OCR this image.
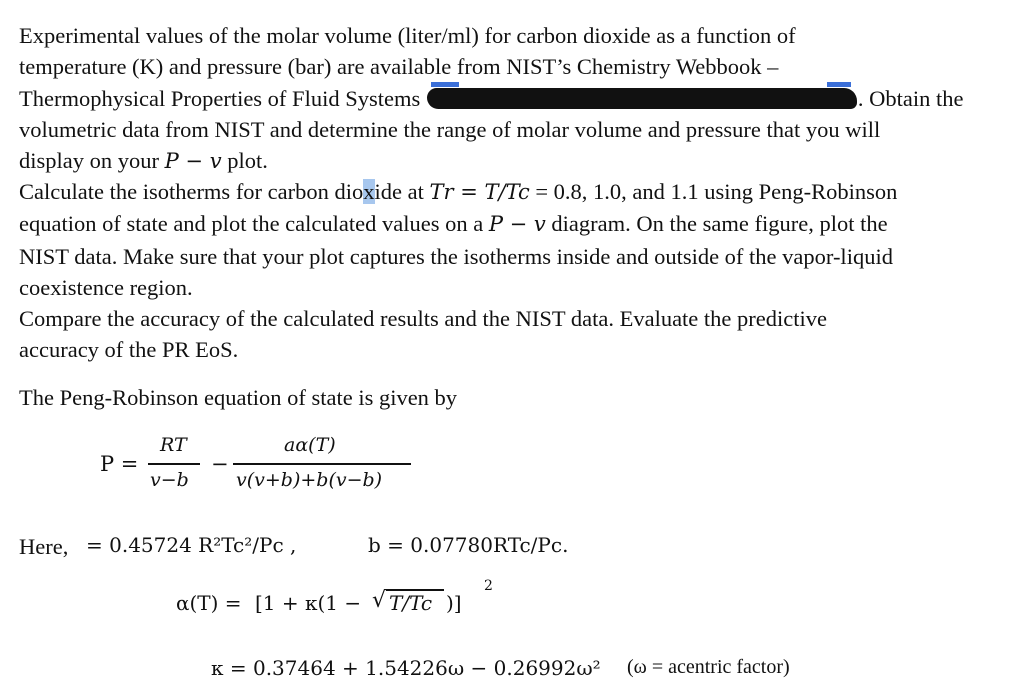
Experimental values of the molar volume (liter/ml) for carbon dioxide as a function of
temperature (K) and pressure (bar) are available from NIST’s Chemistry Webbook –
Thermophysical Properties of Fluid Systems	. Obtain the
volumetric data from NIST and determine the range of molar volume and pressure that you will
display on your P − v plot.
Calculate the isotherms for carbon dioxide at Tr = T/Tc = 0.8, 1.0, and 1.1 using Peng-Robinson
equation of state and plot the calculated values on a P − v diagram. On the same figure, plot the
NIST data. Make sure that your plot captures the isotherms inside and outside of the vapor-liquid
coexistence region.
Compare the accuracy of the calculated results and the NIST data. Evaluate the predictive
accuracy of the PR EoS.
The Peng-Robinson equation of state is given by
P =
RT
v−b
−
aα(T)
v(v+b)+b(v−b)
Here, = 0.45724 R²Tc²/Pc ,	b = 0.07780RTc/Pc.
α(T) = [1 + κ(1 − √ T/Tc )]
2
κ = 0.37464 + 1.54226ω − 0.26992ω² (ω = acentric factor)
